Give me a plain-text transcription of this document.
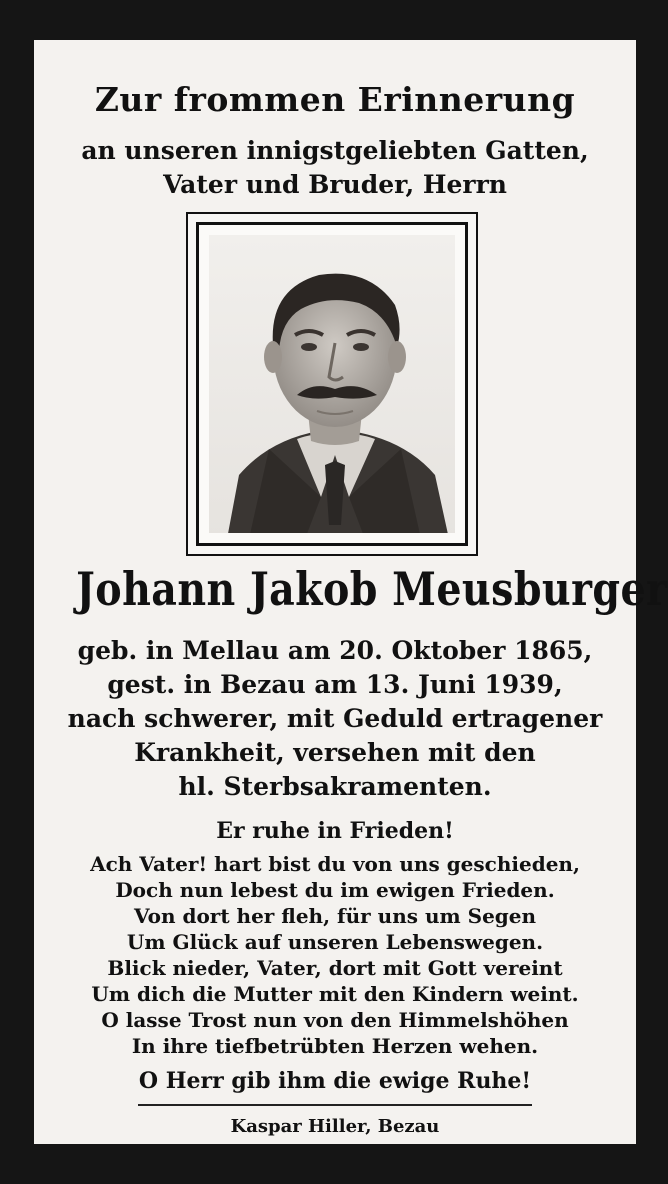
Zur frommen Erinnerung
an unseren innigstgeliebten Gatten,
Vater und Bruder, Herrn
Johann Jakob Meusburger
geb. in Mellau am 20. Oktober 1865,
gest. in Bezau am 13. Juni 1939,
nach schwerer, mit Geduld ertragener
Krankheit, versehen mit den
hl. Sterbsakramenten.
Er ruhe in Frieden!
Ach Vater! hart bist du von uns geschieden,
Doch nun lebest du im ewigen Frieden.
Von dort her fleh, für uns um Segen
Um Glück auf unseren Lebenswegen.
Blick nieder, Vater, dort mit Gott vereint
Um dich die Mutter mit den Kindern weint.
O lasse Trost nun von den Himmelshöhen
In ihre tiefbetrübten Herzen wehen.
O Herr gib ihm die ewige Ruhe!
Kaspar Hiller, Bezau
